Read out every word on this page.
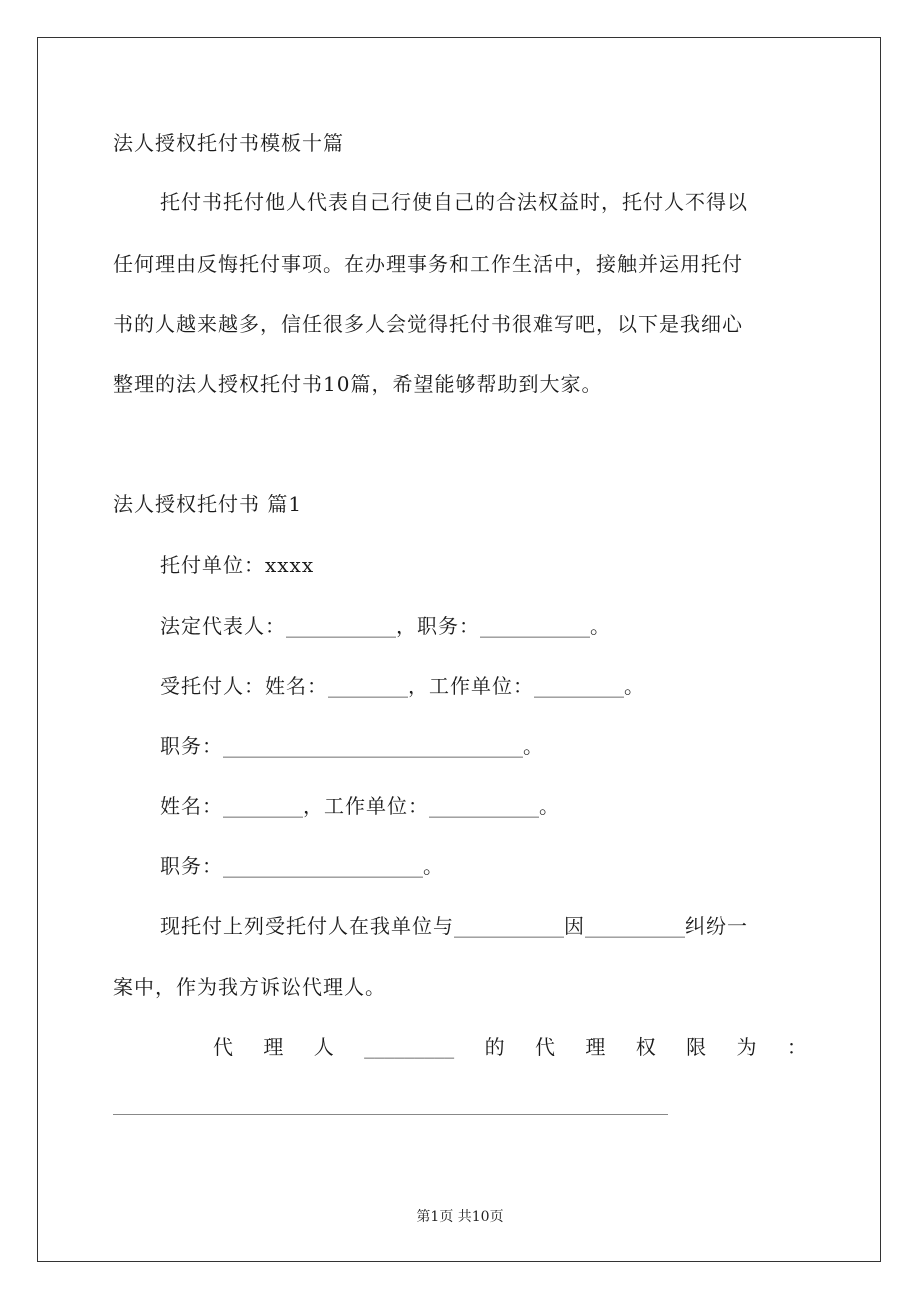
法人授权托付书模板十篇
托付书托付他人代表自己行使自己的合法权益时，托付人不得以
任何理由反悔托付事项。在办理事务和工作生活中，接触并运用托付
书的人越来越多，信任很多人会觉得托付书很难写吧，以下是我细心
整理的法人授权托付书10篇，希望能够帮助到大家。
法人授权托付书 篇1
托付单位：xxxx
法定代表人：___________，职务：___________。
受托付人：姓名：________，工作单位：_________。
职务：______________________________。
姓名：________，工作单位：___________。
职务：____________________。
现托付上列受托付人在我单位与___________因__________纠纷一
案中，作为我方诉讼代理人。
代 理 人 _________ 的 代 理 权 限 为 ：
第1页 共10页
